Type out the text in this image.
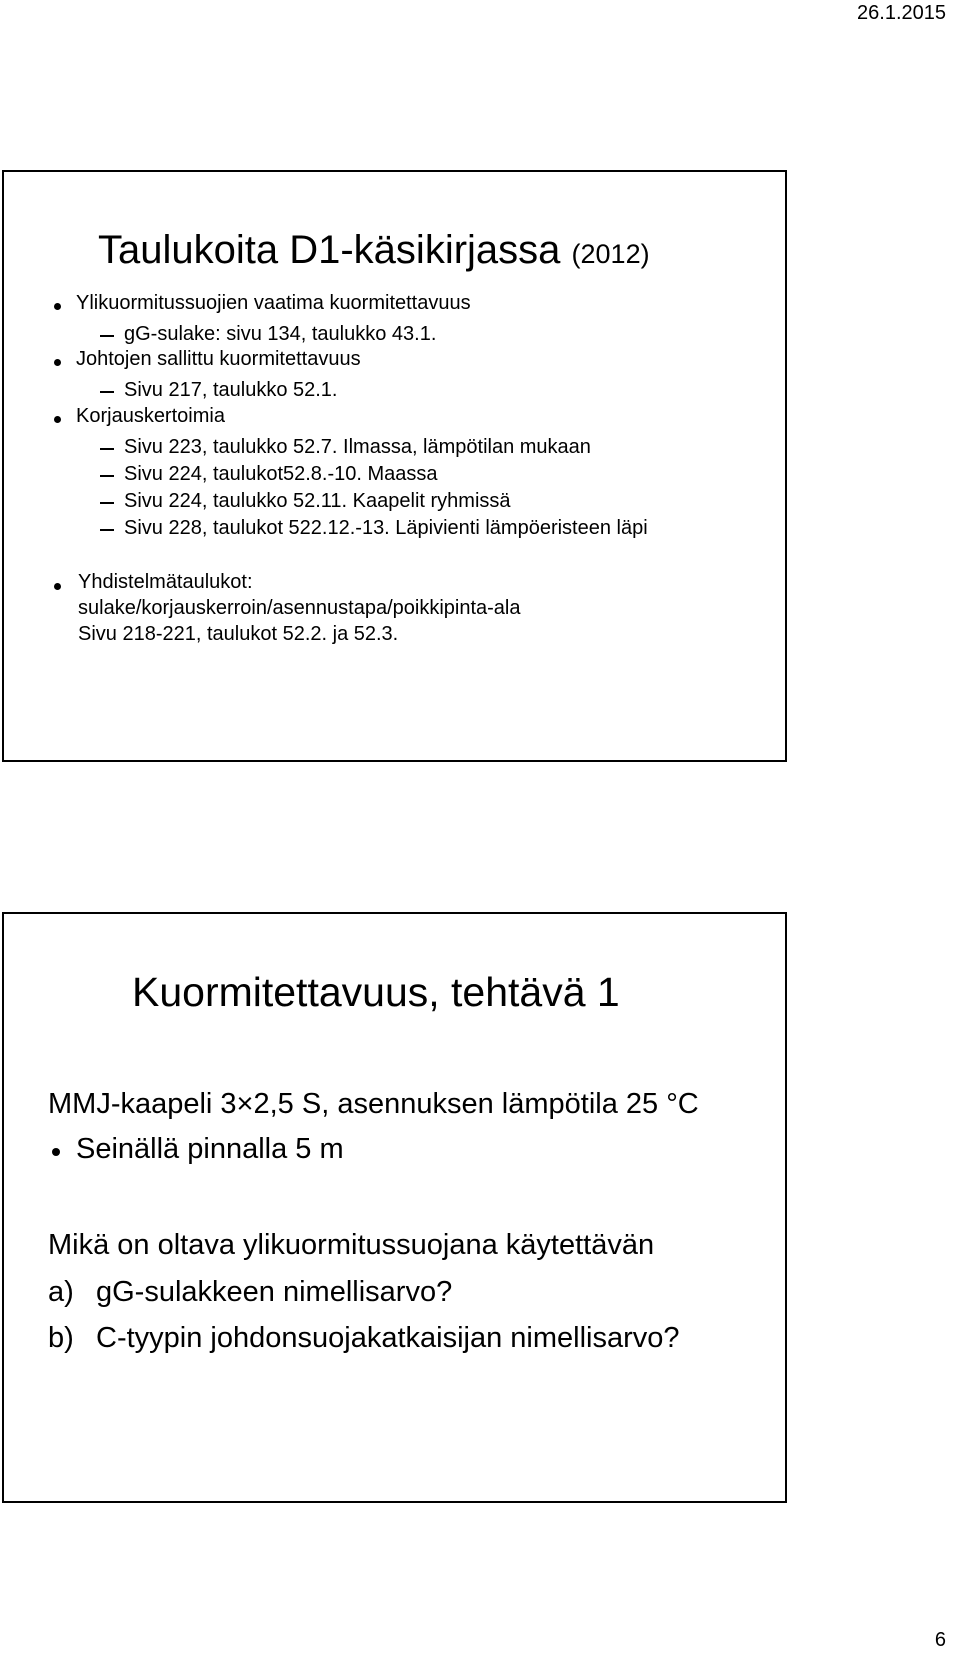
26.1.2015
Taulukoita D1-käsikirjassa (2012)
Ylikuormitussuojien vaatima kuormitettavuus
gG-sulake: sivu 134, taulukko 43.1.
Johtojen sallittu kuormitettavuus
Sivu 217, taulukko 52.1.
Korjauskertoimia
Sivu 223, taulukko 52.7. Ilmassa, lämpötilan mukaan
Sivu 224, taulukot52.8.-10. Maassa
Sivu 224, taulukko 52.11. Kaapelit ryhmissä
Sivu 228, taulukot 522.12.-13. Läpivienti lämpöeristeen läpi
Yhdistelmätaulukot:
sulake/korjauskerroin/asennustapa/poikkipinta-ala
Sivu 218-221, taulukot 52.2. ja 52.3.
Kuormitettavuus, tehtävä 1
MMJ-kaapeli 3×2,5 S, asennuksen lämpötila 25 °C
Seinällä pinnalla 5 m
Mikä on oltava ylikuormitussuojana käytettävän
a) gG-sulakkeen nimellisarvo?
b) C-tyypin johdonsuojakatkaisijan nimellisarvo?
6
